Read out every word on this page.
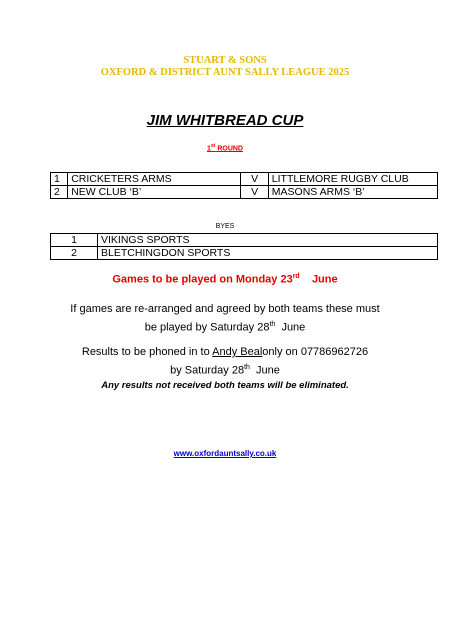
STUART & SONS
OXFORD & DISTRICT AUNT SALLY LEAGUE 2025
JIM WHITBREAD CUP
1st ROUND
1	CRICKETERS ARMS	V	LITTLEMORE RUGBY CLUB
2	NEW CLUB ‘B’	V	MASONS ARMS ‘B’
BYES
1	VIKINGS SPORTS
2	BLETCHINGDON SPORTS
Games to be played on Monday 23rd June
If games are re-arranged and agreed by both teams these must
be played by Saturday 28th June
Results to be phoned in to Andy Bealonly on 07786962726
by Saturday 28th June
Any results not received both teams will be eliminated.
www.oxfordauntsally.co.uk
